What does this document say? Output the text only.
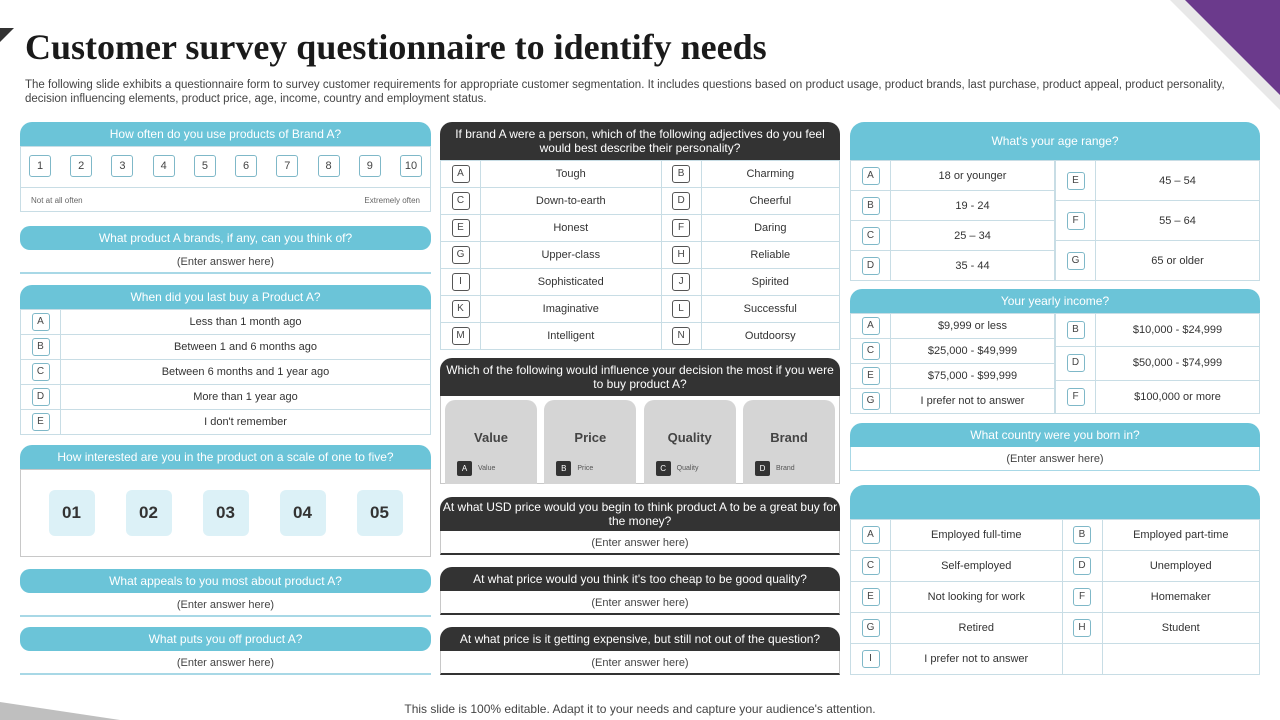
Customer survey questionnaire to identify needs

The following slide exhibits a questionnaire form to survey customer requirements for appropriate customer segmentation. It includes questions based on product usage, product brands, last purchase, product appeal, product personality, decision influencing elements, product price, age, income, country and employment status.

How often do you use products of Brand A?
1	2	3	4	5	6	7	8	9	10
Not at all often	Extremely often
What product A brands, if any, can you think of?
(Enter answer here)
When did you last buy a Product A?
A	Less than 1 month ago
B	Between 1 and 6 months ago
C	Between 6 months and 1 year ago
D	More than 1 year ago
E	I don't remember
How interested are you in the product on a scale of one to five?
01	02	03	04	05
What appeals to you most about product A?
(Enter answer here)
What puts you off product A?
(Enter answer here)
If brand A were a person, which of the following adjectives do you feel would best describe their personality?
A	Tough	B	Charming
C	Down-to-earth	D	Cheerful
E	Honest	F	Daring
G	Upper-class	H	Reliable
I	Sophisticated	J	Spirited
K	Imaginative	L	Successful
M	Intelligent	N	Outdoorsy
Which of the following would influence your decision the most if you were to buy product A?
Value
A	Value
Price
B	Price
Quality
C	Quality
Brand
D	Brand
At what USD price would you begin to think product A to be a great buy for the money?
(Enter answer here)
At what price would you think it's too cheap to be good quality?
(Enter answer here)
At what price is it getting expensive, but still not out of the question?
(Enter answer here)
What's your age range?
A	18 or younger
B	19 - 24
C	25 – 34
D	35 - 44
E	45 – 54
F	55 – 64
G	65 or older
Your yearly income?
A	$9,999 or less
C	$25,000 - $49,999
E	$75,000 - $99,999
G	I prefer not to answer
B	$10,000 - $24,999
D	$50,000 - $74,999
F	$100,000 or more
What country were you born in?
(Enter answer here)
A	Employed full-time	B	Employed part-time
C	Self-employed	D	Unemployed
E	Not looking for work	F	Homemaker
G	Retired	H	Student
I	I prefer not to answer		
This slide is 100% editable. Adapt it to your needs and capture your audience's attention.
